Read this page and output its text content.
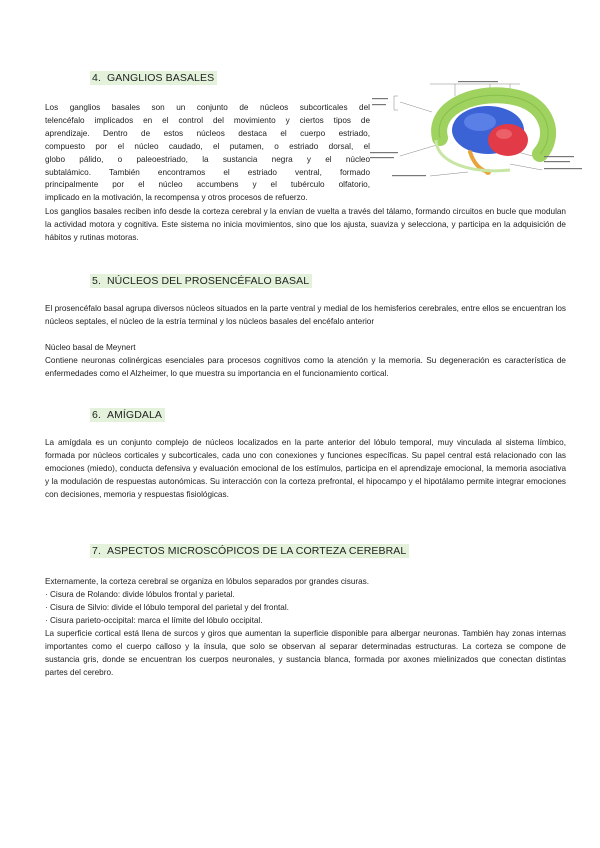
4. GANGLIOS BASALES
Los ganglios basales son un conjunto de núcleos subcorticales del
telencéfalo implicados en el control del movimiento y ciertos tipos de
aprendizaje. Dentro de estos núcleos destaca el cuerpo estriado,
compuesto por el núcleo caudado, el putamen, o estriado dorsal, el
globo pálido, o paleoestriado, la sustancia negra y el núcleo
subtalámico. También encontramos el estriado ventral, formado
principalmente por el núcleo accumbens y el tubérculo olfatorio,
implicado en la motivación, la recompensa y otros procesos de refuerzo.
Los ganglios basales reciben info desde la corteza cerebral y la envían de vuelta a través del tálamo, formando circuitos en bucle que modulan la actividad motora y cognitiva. Este sistema no inicia movimientos, sino que los ajusta, suaviza y selecciona, y participa en la adquisición de hábitos y rutinas motoras.
5. NÚCLEOS DEL PROSENCÉFALO BASAL
El prosencéfalo basal agrupa diversos núcleos situados en la parte ventral y medial de los hemisferios cerebrales, entre ellos se encuentran los núcleos septales, el núcleo de la estría terminal y los núcleos basales del encéfalo anterior
Núcleo basal de Meynert
Contiene neuronas colinérgicas esenciales para procesos cognitivos como la atención y la memoria. Su degeneración es característica de enfermedades como el Alzheimer, lo que muestra su importancia en el funcionamiento cortical.
6. AMÍGDALA
La amígdala es un conjunto complejo de núcleos localizados en la parte anterior del lóbulo temporal, muy vinculada al sistema límbico, formada por núcleos corticales y subcorticales, cada uno con conexiones y funciones específicas. Su papel central está relacionado con las emociones (miedo), conducta defensiva y evaluación emocional de los estímulos, participa en el aprendizaje emocional, la memoria asociativa y la modulación de respuestas autonómicas. Su interacción con la corteza prefrontal, el hipocampo y el hipotálamo permite integrar emociones con decisiones, memoria y respuestas fisiológicas.
7. ASPECTOS MICROSCÓPICOS DE LA CORTEZA CEREBRAL
Externamente, la corteza cerebral se organiza en lóbulos separados por grandes cisuras.
· Cisura de Rolando: divide lóbulos frontal y parietal.
· Cisura de Silvio: divide el lóbulo temporal del parietal y del frontal.
· Cisura parieto-occipital: marca el límite del lóbulo occipital.
La superficie cortical está llena de surcos y giros que aumentan la superficie disponible para albergar neuronas. También hay zonas internas importantes como el cuerpo calloso y la ínsula, que solo se observan al separar determinadas estructuras. La corteza se compone de sustancia gris, donde se encuentran los cuerpos neuronales, y sustancia blanca, formada por axones mielinizados que conectan distintas partes del cerebro.
